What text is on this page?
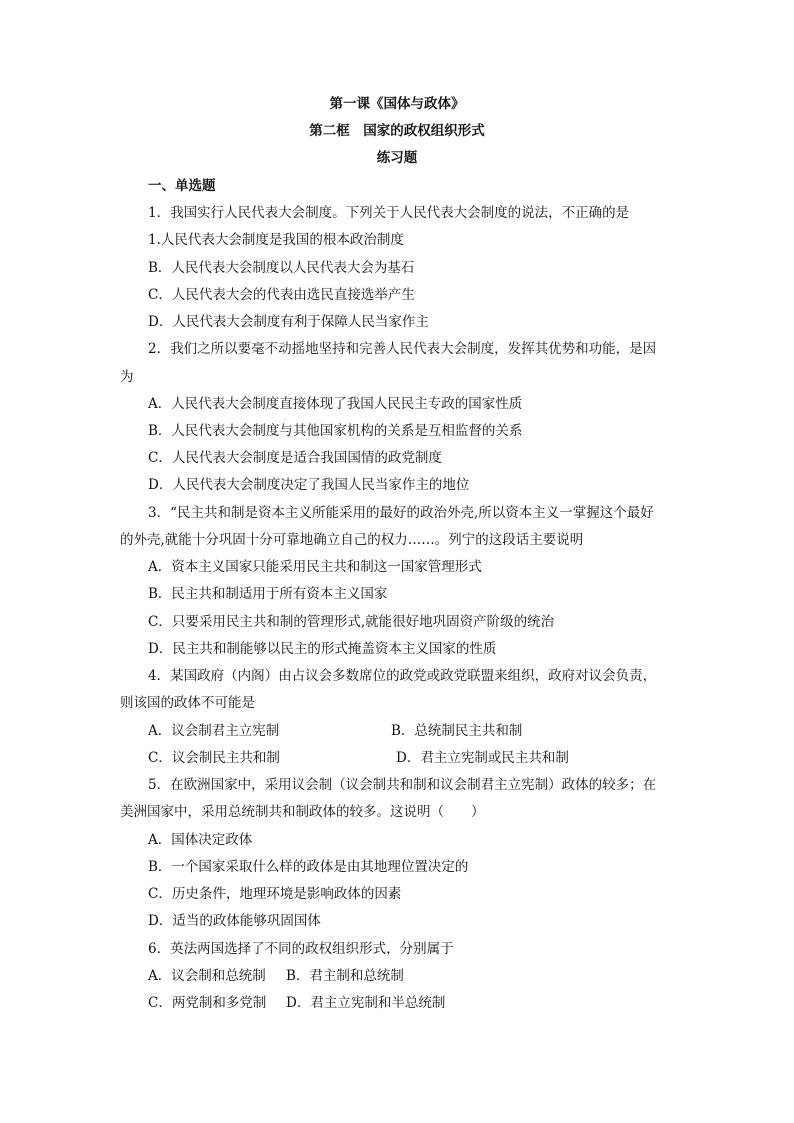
第一课《国体与政体》
第二框　国家的政权组织形式
练习题
一、单选题
1．我国实行人民代表大会制度。下列关于人民代表大会制度的说法，不正确的是
1.人民代表大会制度是我国的根本政治制度
B．人民代表大会制度以人民代表大会为基石
C．人民代表大会的代表由选民直接选举产生
D．人民代表大会制度有利于保障人民当家作主
2．我们之所以要毫不动摇地坚持和完善人民代表大会制度，发挥其优势和功能，是因
为
A．人民代表大会制度直接体现了我国人民民主专政的国家性质
B．人民代表大会制度与其他国家机构的关系是互相监督的关系
C．人民代表大会制度是适合我国国情的政党制度
D．人民代表大会制度决定了我国人民当家作主的地位
3．“民主共和制是资本主义所能采用的最好的政治外壳,所以资本主义一掌握这个最好
的外壳,就能十分巩固十分可靠地确立自己的权力……。列宁的这段话主要说明
A．资本主义国家只能采用民主共和制这一国家管理形式
B．民主共和制适用于所有资本主义国家
C．只要采用民主共和制的管理形式,就能很好地巩固资产阶级的统治
D．民主共和制能够以民主的形式掩盖资本主义国家的性质
4．某国政府（内阁）由占议会多数席位的政党或政党联盟来组织，政府对议会负责，
则该国的政体不可能是
A．议会制君主立宪制	B．总统制民主共和制
C．议会制民主共和制	D．君主立宪制或民主共和制
5．在欧洲国家中，采用议会制（议会制共和制和议会制君主立宪制）政体的较多；在
美洲国家中，采用总统制共和制政体的较多。这说明（　　）
A．国体决定政体
B．一个国家采取什么样的政体是由其地理位置决定的
C．历史条件，地理环境是影响政体的因素
D．适当的政体能够巩固国体
6．英法两国选择了不同的政权组织形式，分别属于
A．议会制和总统制 B．君主制和总统制
C．两党制和多党制 D．君主立宪制和半总统制
